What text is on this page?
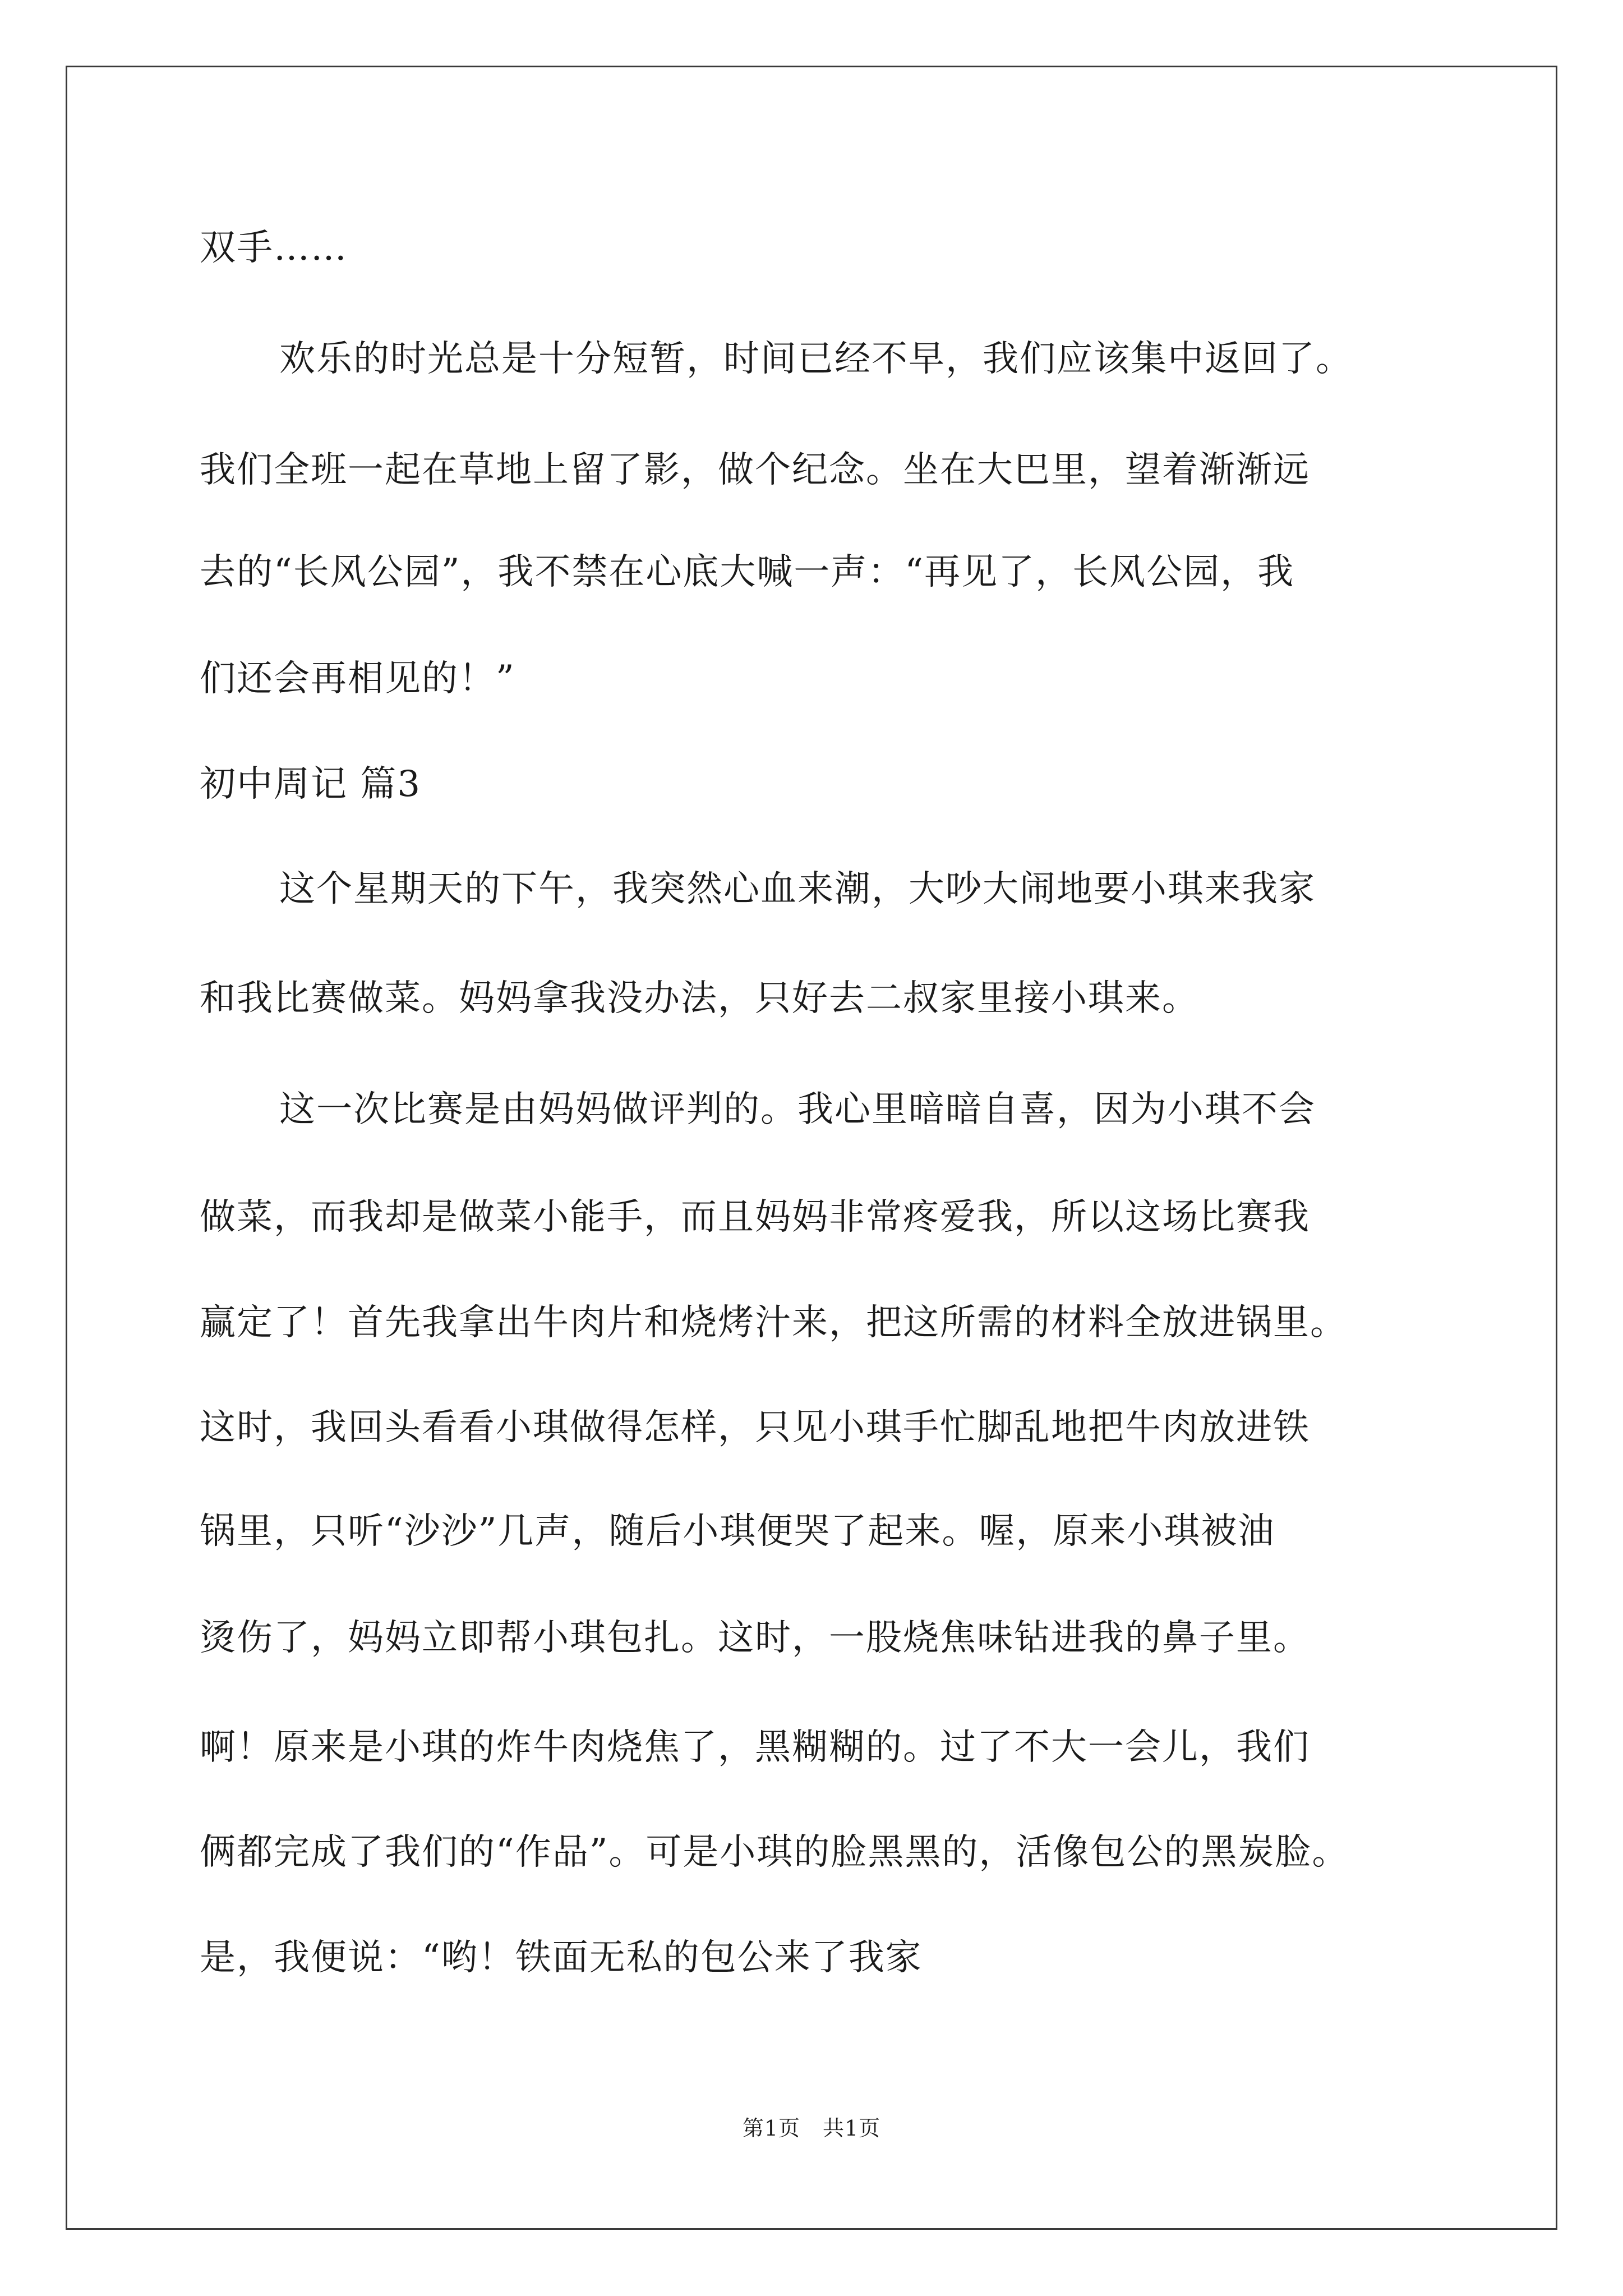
双手……

欢乐的时光总是十分短暂，时间已经不早，我们应该集中返回了。

我们全班一起在草地上留了影，做个纪念。坐在大巴里，望着渐渐远

去的“长风公园”，我不禁在心底大喊一声：“再见了，长风公园，我

们还会再相见的！”

初中周记 篇3

这个星期天的下午，我突然心血来潮，大吵大闹地要小琪来我家

和我比赛做菜。妈妈拿我没办法，只好去二叔家里接小琪来。

这一次比赛是由妈妈做评判的。我心里暗暗自喜，因为小琪不会

做菜，而我却是做菜小能手，而且妈妈非常疼爱我，所以这场比赛我

赢定了！首先我拿出牛肉片和烧烤汁来，把这所需的材料全放进锅里。

这时，我回头看看小琪做得怎样，只见小琪手忙脚乱地把牛肉放进铁

锅里，只听“沙沙”几声，随后小琪便哭了起来。喔，原来小琪被油

烫伤了，妈妈立即帮小琪包扎。这时，一股烧焦味钻进我的鼻子里。

啊！原来是小琪的炸牛肉烧焦了，黑糊糊的。过了不大一会儿，我们

俩都完成了我们的“作品”。可是小琪的脸黑黑的，活像包公的黑炭脸。

是，我便说：“哟！铁面无私的包公来了我家

第1页 共1页
